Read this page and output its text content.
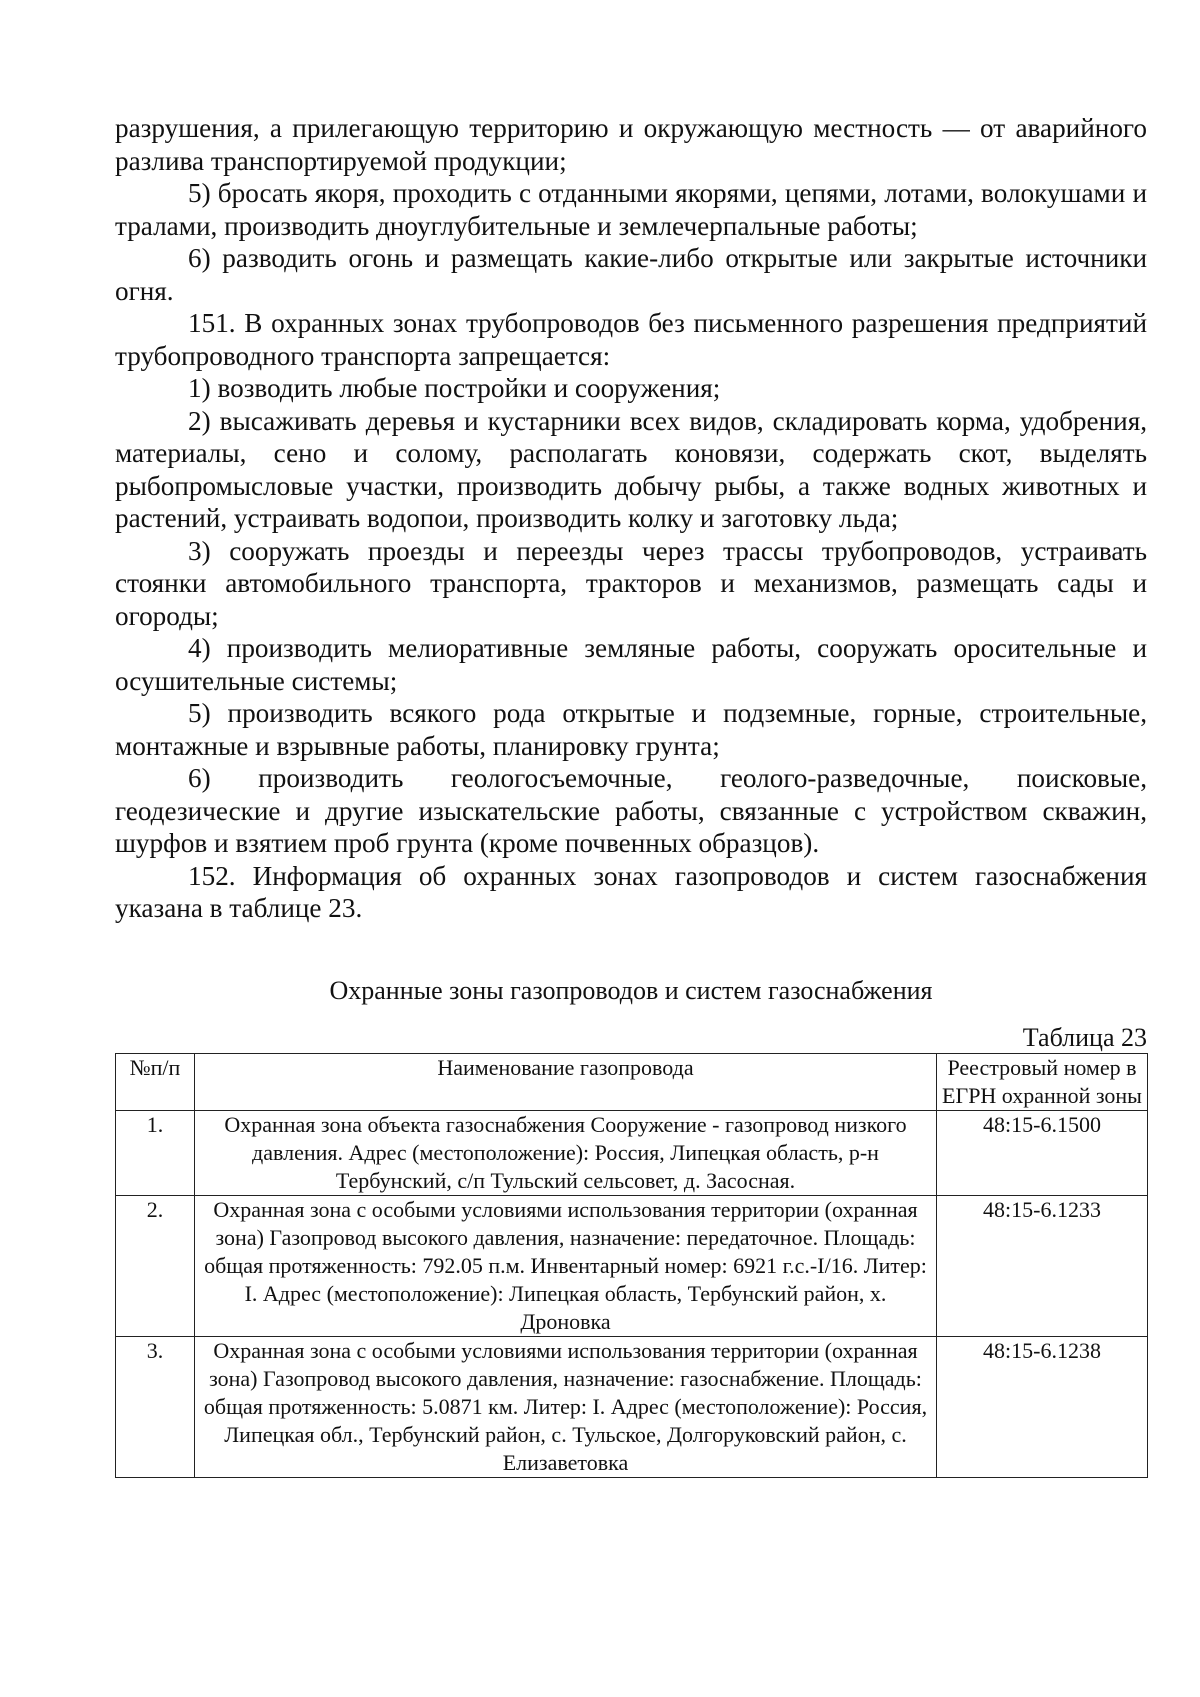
разрушения, а прилегающую территорию и окружающую местность — от аварийного разлива транспортируемой продукции;

5) бросать якоря, проходить с отданными якорями, цепями, лотами, волокушами и тралами, производить дноуглубительные и землечерпальные работы;

6) разводить огонь и размещать какие-либо открытые или закрытые источники огня.

151. В охранных зонах трубопроводов без письменного разрешения предприятий трубопроводного транспорта запрещается:

1) возводить любые постройки и сооружения;

2) высаживать деревья и кустарники всех видов, складировать корма, удобрения, материалы, сено и солому, располагать коновязи, содержать скот, выделять рыбопромысловые участки, производить добычу рыбы, а также водных животных и растений, устраивать водопои, производить колку и заготовку льда;

3) сооружать проезды и переезды через трассы трубопроводов, устраивать стоянки автомобильного транспорта, тракторов и механизмов, размещать сады и огороды;

4) производить мелиоративные земляные работы, сооружать оросительные и осушительные системы;

5) производить всякого рода открытые и подземные, горные, строительные, монтажные и взрывные работы, планировку грунта;

6) производить геологосъемочные, геолого-разведочные, поисковые, геодезические и другие изыскательские работы, связанные с устройством скважин, шурфов и взятием проб грунта (кроме почвенных образцов).

152. Информация об охранных зонах газопроводов и систем газоснабжения указана в таблице 23.

Охранные зоны газопроводов и систем газоснабжения
Таблица 23
№п/п	Наименование газопровода	Реестровый номер в ЕГРН охранной зоны
1.	Охранная зона объекта газоснабжения Сооружение - газопровод низкого давления. Адрес (местоположение): Россия, Липецкая область, р-н Тербунский, с/п Тульский сельсовет, д. Засосная.	48:15-6.1500
2.	Охранная зона с особыми условиями использования территории (охранная зона) Газопровод высокого давления, назначение: передаточное. Площадь: общая протяженность: 792.05 п.м. Инвентарный номер: 6921 г.с.-I/16. Литер: I. Адрес (местоположение): Липецкая область, Тербунский район, х. Дроновка	48:15-6.1233
3.	Охранная зона с особыми условиями использования территории (охранная зона) Газопровод высокого давления, назначение: газоснабжение. Площадь: общая протяженность: 5.0871 км. Литер: I. Адрес (местоположение): Россия, Липецкая обл., Тербунский район, с. Тульское, Долгоруковский район, с. Елизаветовка	48:15-6.1238
